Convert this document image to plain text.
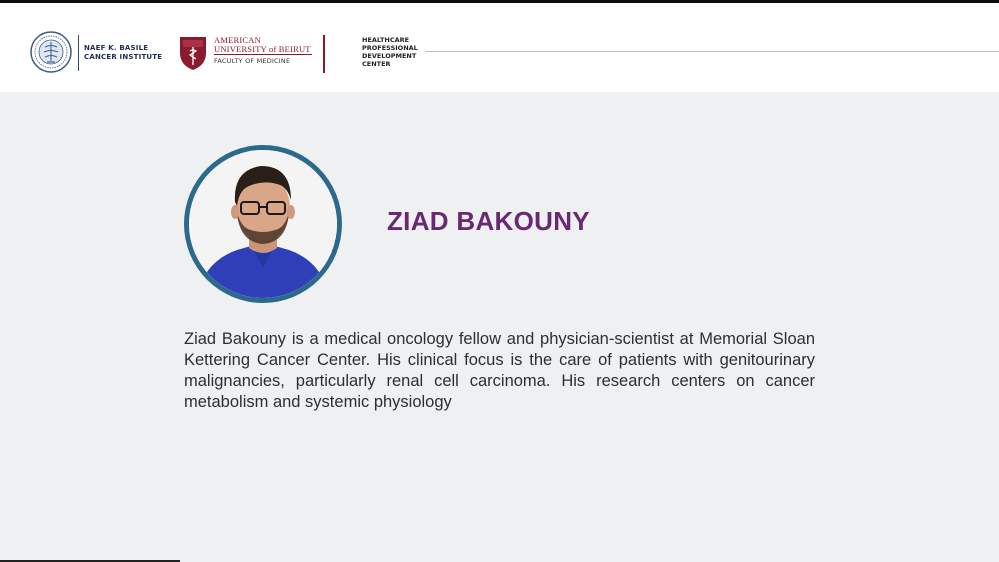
NAEF K. BASILE
CANCER INSTITUTE
AMERICAN
UNIVERSITY of BEIRUT
FACULTY OF MEDICINE
HEALTHCARE
PROFESSIONAL
DEVELOPMENT
CENTER
ZIAD BAKOUNY
Ziad Bakouny is a medical oncology fellow and physician-scientist at Memorial Sloan Kettering Cancer Center. His clinical focus is the care of patients with genitourinary malignancies, particularly renal cell carcinoma. His research centers on cancer metabolism and systemic physiology
